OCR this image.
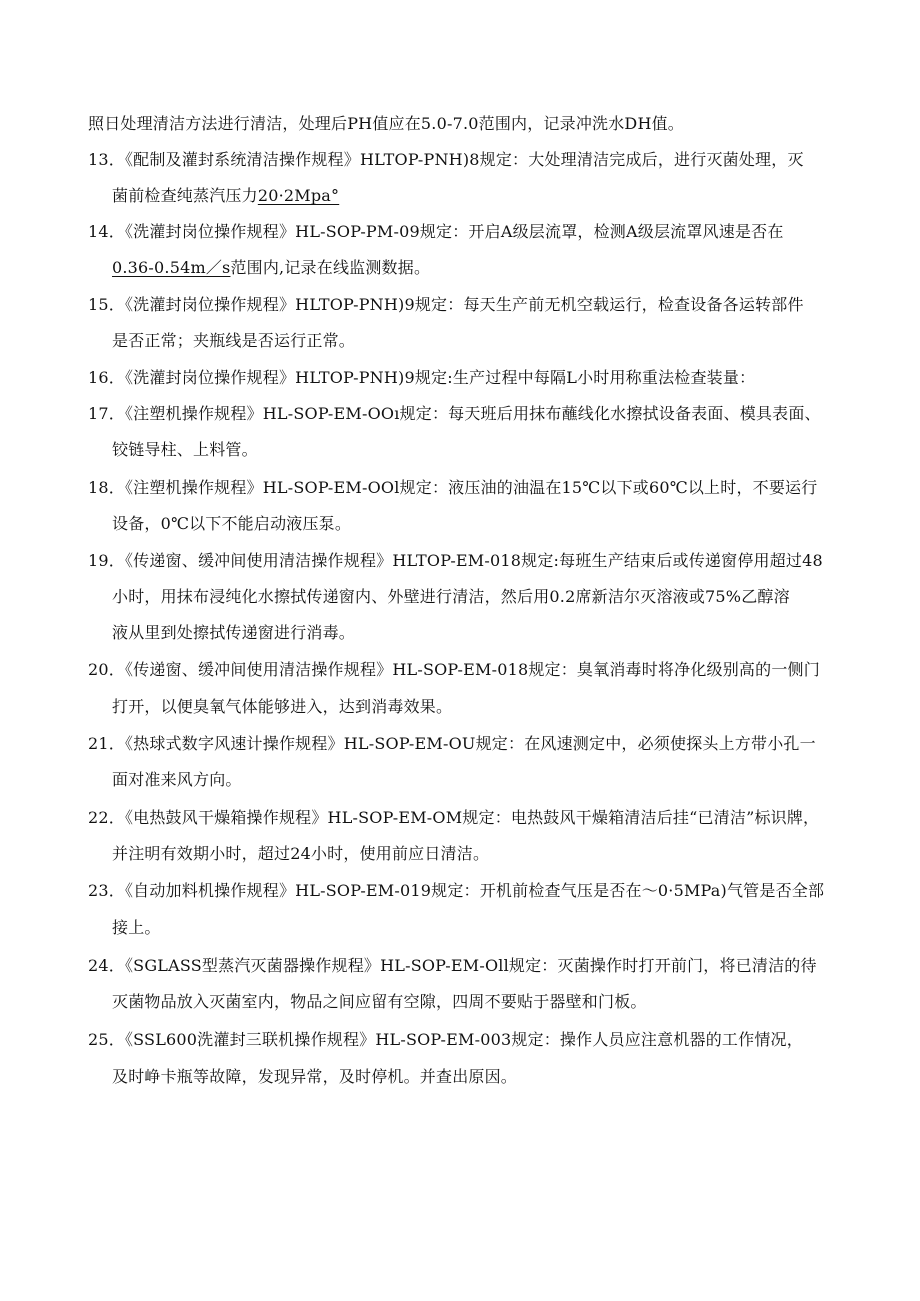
照日处理清洁方法进行清洁，处理后PH值应在5.0-7.0范围内，记录冲洗水DH值。
13．《配制及灌封系统清洁操作规程》HLTOP-PNH)8规定：大处理清洁完成后，进行灭菌处理，灭
菌前检查纯蒸汽压力20·2Mpa°
14．《洗灌封岗位操作规程》HL-SOP-PM-09规定：开启A级层流罩，检测A级层流罩风速是否在
0.36-0.54m／s范围内,记录在线监测数据。
15．《洗灌封岗位操作规程》HLTOP-PNH)9规定：每天生产前无机空载运行，检查设备各运转部件
是否正常；夹瓶线是否运行正常。
16．《洗灌封岗位操作规程》HLTOP-PNH)9规定:生产过程中每隔L小时用称重法检查装量：
17．《注塑机操作规程》HL-SOP-EM-OOı规定：每天班后用抹布蘸线化水擦拭设备表面、模具表面、
铰链导柱、上料管。
18．《注塑机操作规程》HL-SOP-EM-OOl规定：液压油的油温在15℃以下或60℃以上时，不要运行
设备，0℃以下不能启动液压泵。
19．《传递窗、缓冲间使用清洁操作规程》HLTOP-EM-018规定:每班生产结束后或传递窗停用超过48
小时，用抹布浸纯化水擦拭传递窗内、外壁进行清洁，然后用0.2席新洁尔灭溶液或75%乙醇溶
液从里到处擦拭传递窗进行消毒。
20．《传递窗、缓冲间使用清洁操作规程》HL-SOP-EM-018规定：臭氧消毒时将净化级别高的一侧门
打开，以便臭氧气体能够进入，达到消毒效果。
21．《热球式数字风速计操作规程》HL-SOP-EM-OU规定：在风速测定中，必须使探头上方带小孔一
面对准来风方向。
22．《电热鼓风干燥箱操作规程》HL-SOP-EM-OM规定：电热鼓风干燥箱清洁后挂“已清洁”标识牌，
并注明有效期小时，超过24小时，使用前应日清洁。
23．《自动加料机操作规程》HL-SOP-EM-019规定：开机前检查气压是否在～0·5MPa)气管是否全部
接上。
24．《SGLASS型蒸汽灭菌器操作规程》HL-SOP-EM-Oll规定：灭菌操作时打开前门，将已清洁的待
灭菌物品放入灭菌室内，物品之间应留有空隙，四周不要贴于器壁和门板。
25．《SSL600洗灌封三联机操作规程》HL-SOP-EM-003规定：操作人员应注意机器的工作情况，
及时峥卡瓶等故障，发现异常，及时停机。并查出原因。
